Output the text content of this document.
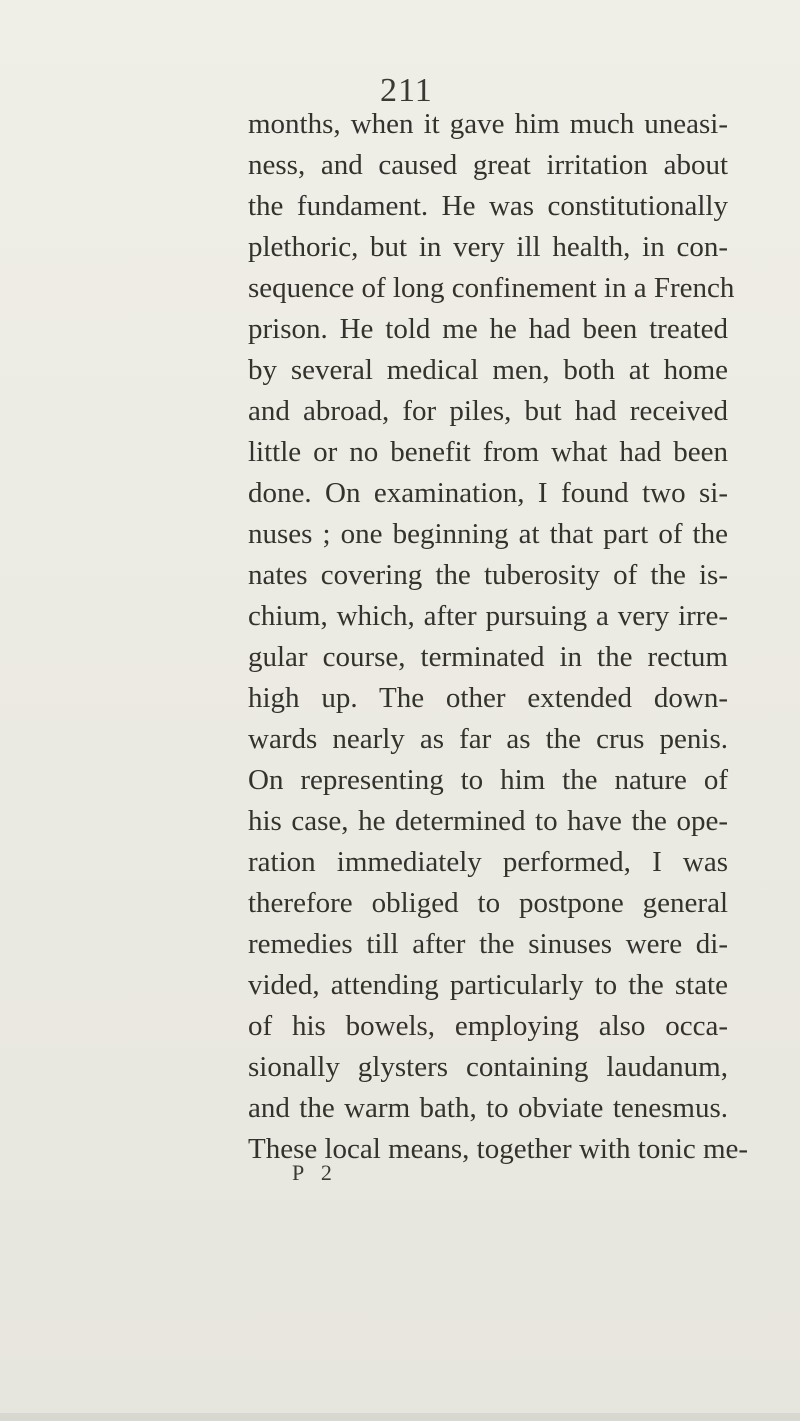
211
months, when it gave him much uneasi-
ness, and caused great irritation about
the fundament. He was constitutionally
plethoric, but in very ill health, in con-
sequence of long confinement in a French
prison. He told me he had been treated
by several medical men, both at home
and abroad, for piles, but had received
little or no benefit from what had been
done. On examination, I found two si-
nuses ; one beginning at that part of the
nates covering the tuberosity of the is-
chium, which, after pursuing a very irre-
gular course, terminated in the rectum
high up. The other extended down-
wards nearly as far as the crus penis.
On representing to him the nature of
his case, he determined to have the ope-
ration immediately performed, I was
therefore obliged to postpone general
remedies till after the sinuses were di-
vided, attending particularly to the state
of his bowels, employing also occa-
sionally glysters containing laudanum,
and the warm bath, to obviate tenesmus.
These local means, together with tonic me-
P 2
